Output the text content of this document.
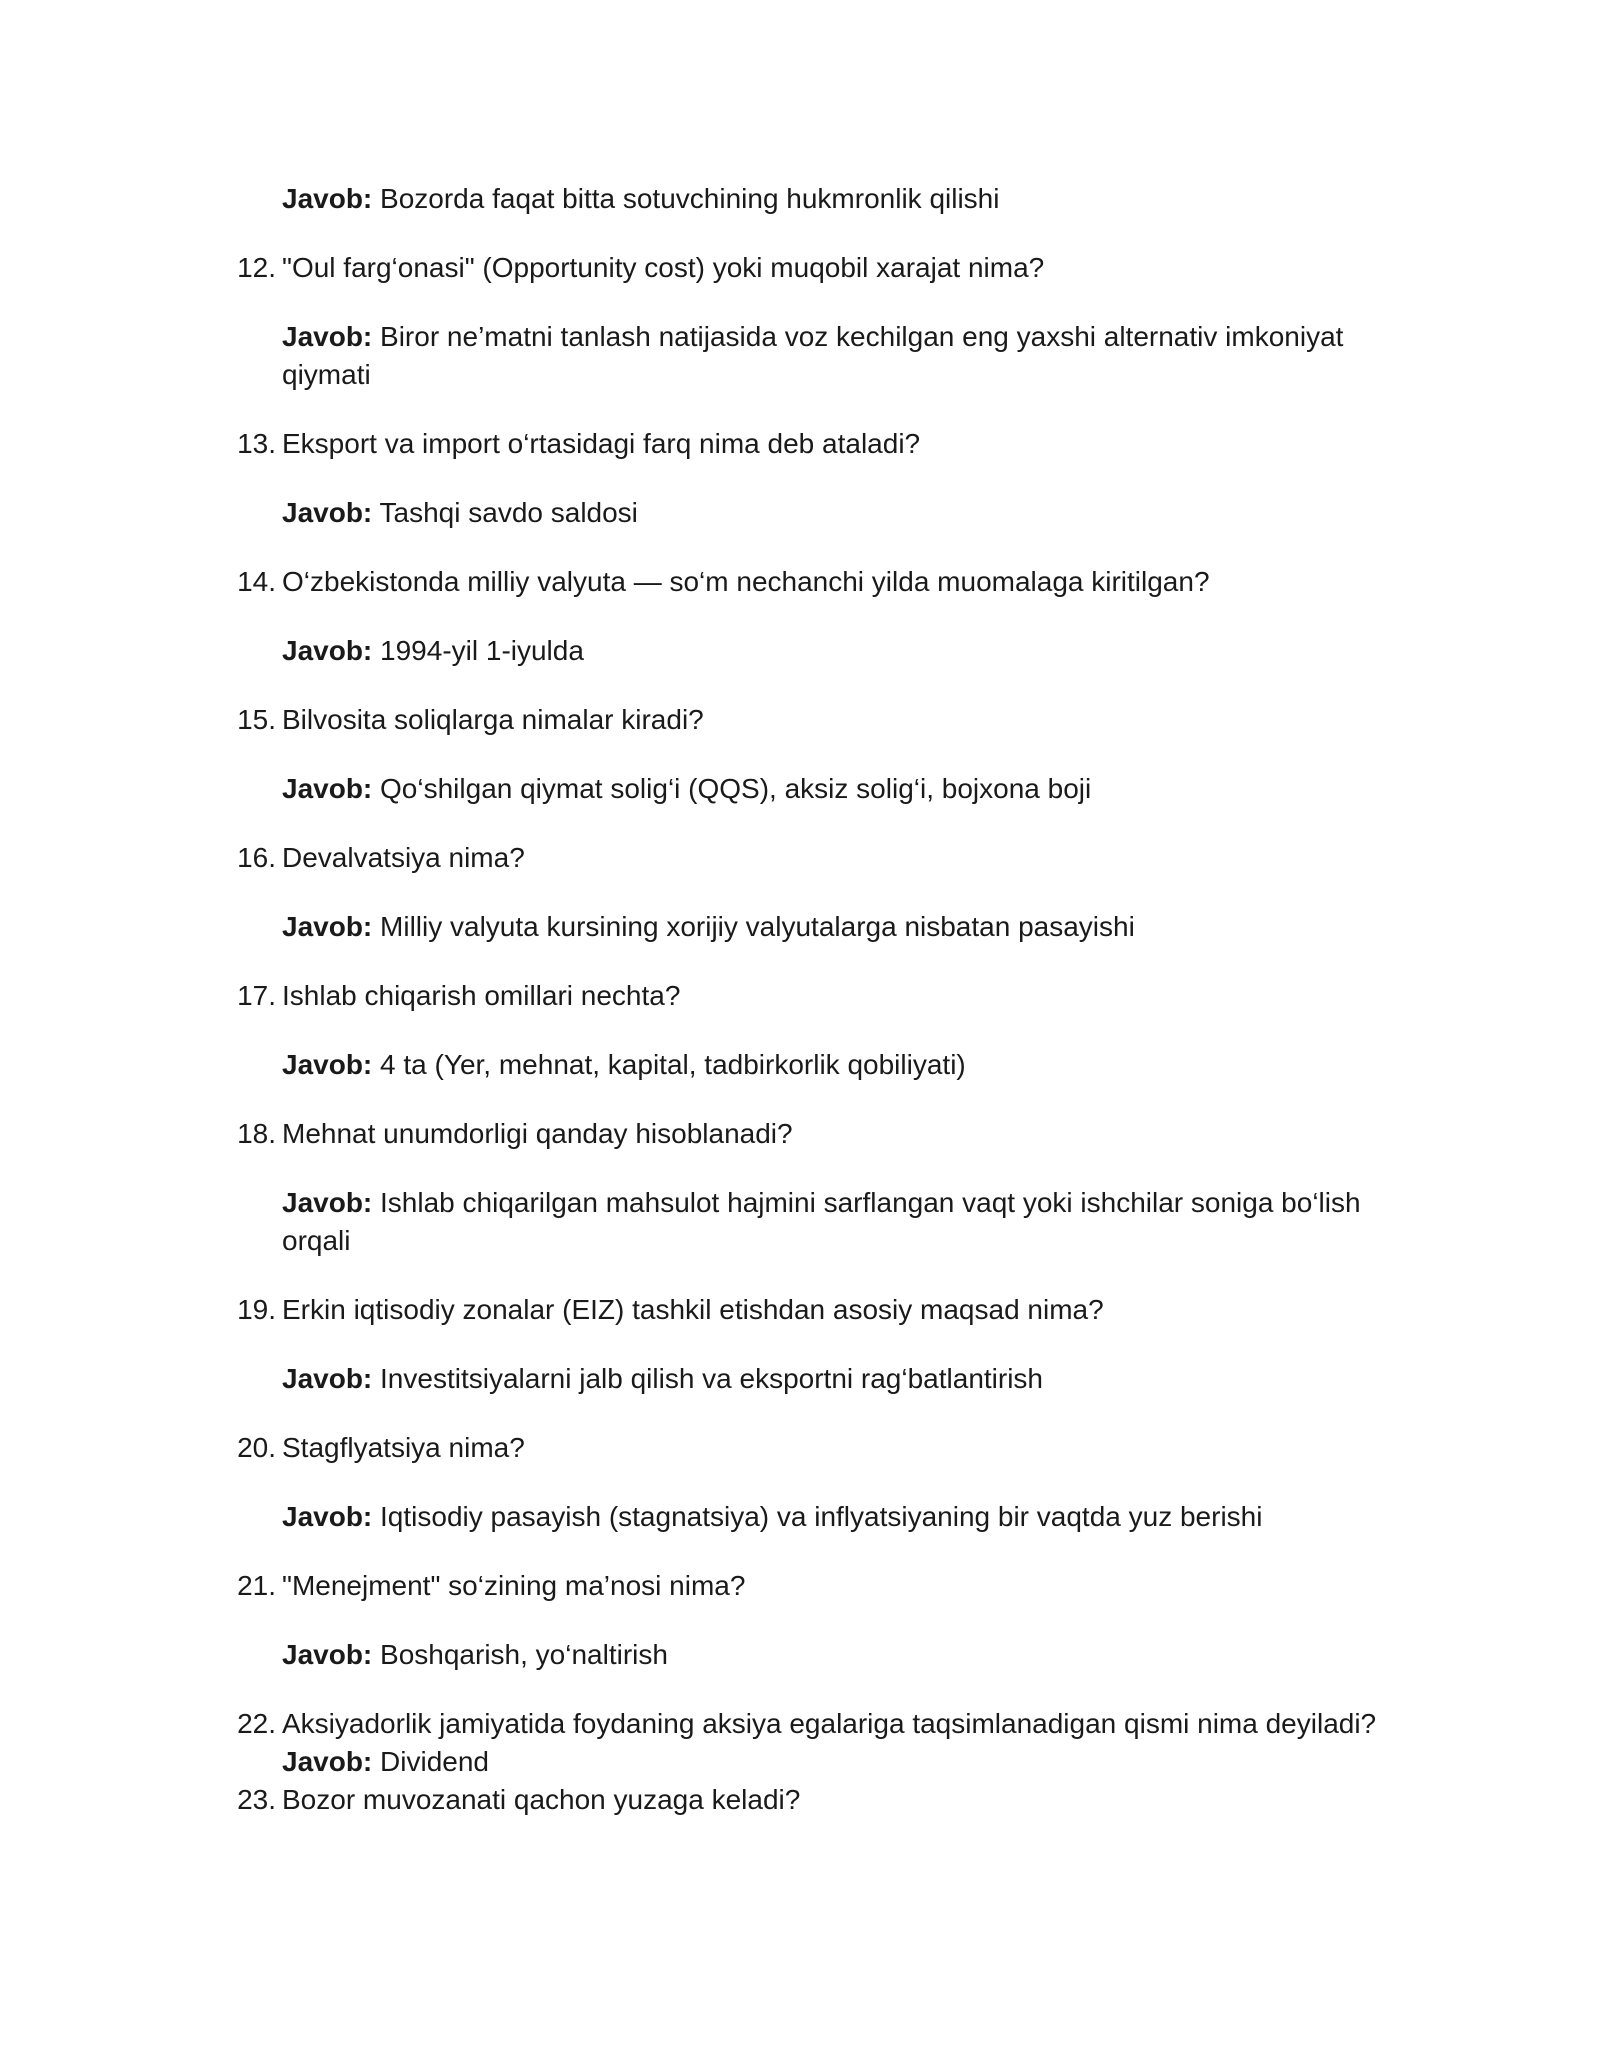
Javob: Bozorda faqat bitta sotuvchining hukmronlik qilishi
12. "Oul farg‘onasi" (Opportunity cost) yoki muqobil xarajat nima?
Javob: Biror ne’matni tanlash natijasida voz kechilgan eng yaxshi alternativ imkoniyat qiymati
13. Eksport va import o‘rtasidagi farq nima deb ataladi?
Javob: Tashqi savdo saldosi
14. O‘zbekistonda milliy valyuta — so‘m nechanchi yilda muomalaga kiritilgan?
Javob: 1994-yil 1-iyulda
15. Bilvosita soliqlarga nimalar kiradi?
Javob: Qo‘shilgan qiymat solig‘i (QQS), aksiz solig‘i, bojxona boji
16. Devalvatsiya nima?
Javob: Milliy valyuta kursining xorijiy valyutalarga nisbatan pasayishi
17. Ishlab chiqarish omillari nechta?
Javob: 4 ta (Yer, mehnat, kapital, tadbirkorlik qobiliyati)
18. Mehnat unumdorligi qanday hisoblanadi?
Javob: Ishlab chiqarilgan mahsulot hajmini sarflangan vaqt yoki ishchilar soniga bo‘lish orqali
19. Erkin iqtisodiy zonalar (EIZ) tashkil etishdan asosiy maqsad nima?
Javob: Investitsiyalarni jalb qilish va eksportni rag‘batlantirish
20. Stagflyatsiya nima?
Javob: Iqtisodiy pasayish (stagnatsiya) va inflyatsiyaning bir vaqtda yuz berishi
21. "Menejment" so‘zining ma’nosi nima?
Javob: Boshqarish, yo‘naltirish
22. Aksiyadorlik jamiyatida foydaning aksiya egalariga taqsimlanadigan qismi nima deyiladi?
Javob: Dividend
23. Bozor muvozanati qachon yuzaga keladi?
